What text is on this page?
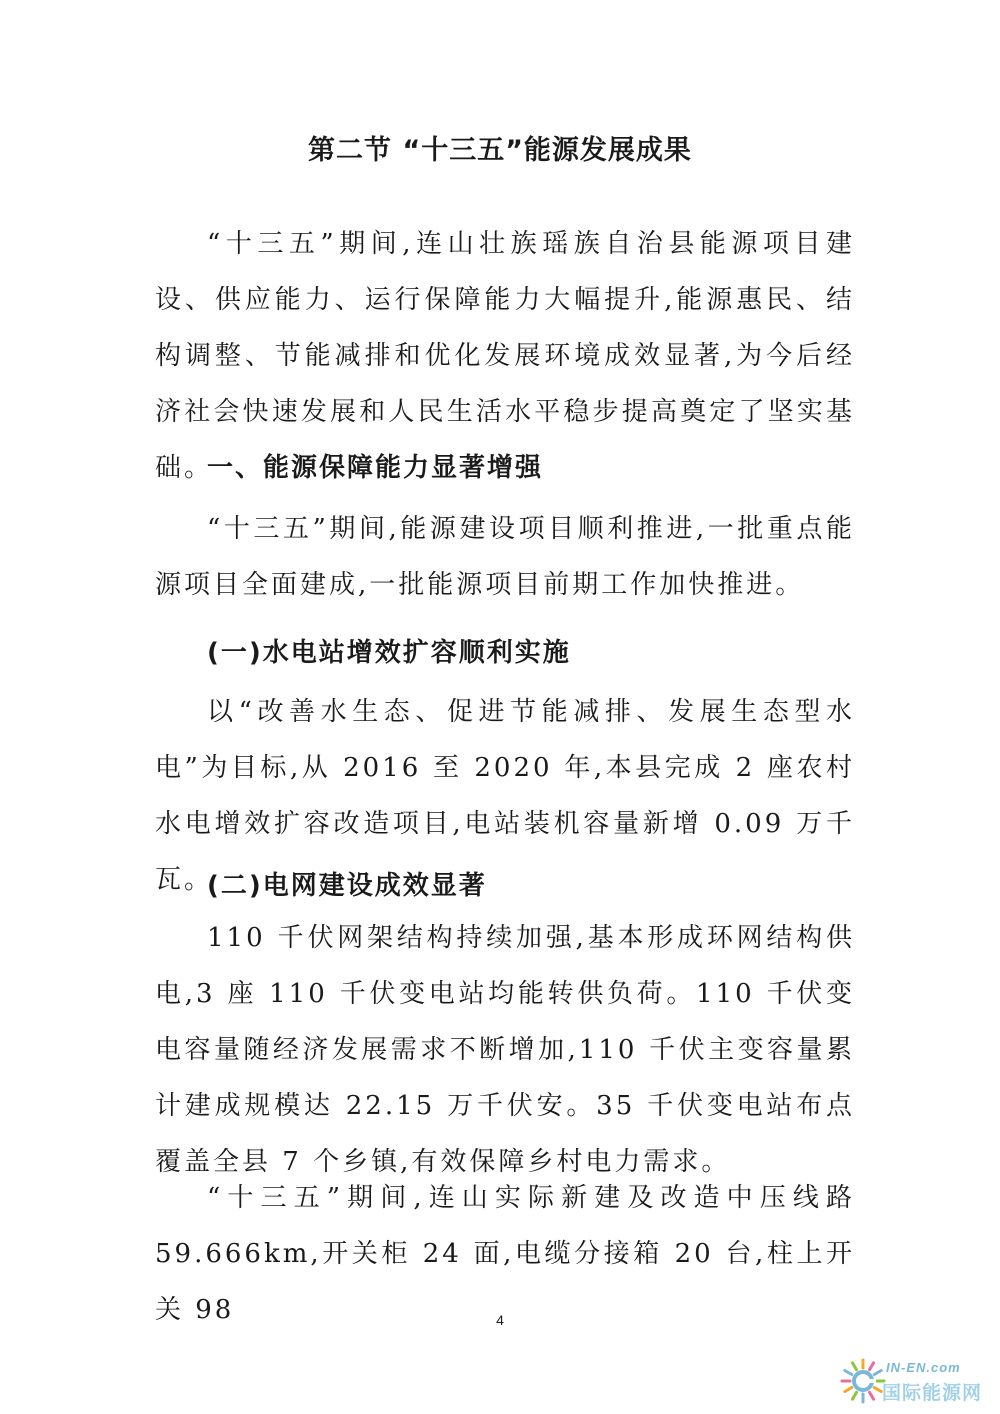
第二节 “十三五”能源发展成果

“十三五”期间,连山壮族瑶族自治县能源项目建设、供应能力、运行保障能力大幅提升,能源惠民、结构调整、节能减排和优化发展环境成效显著,为今后经济社会快速发展和人民生活水平稳步提高奠定了坚实基础。

一、能源保障能力显著增强

“十三五”期间,能源建设项目顺利推进,一批重点能源项目全面建成,一批能源项目前期工作加快推进。

(一)水电站增效扩容顺利实施

以“改善水生态、促进节能减排、发展生态型水电”为目标,从 2016 至 2020 年,本县完成 2 座农村水电增效扩容改造项目,电站装机容量新增 0.09 万千瓦。

(二)电网建设成效显著

110 千伏网架结构持续加强,基本形成环网结构供电,3 座 110 千伏变电站均能转供负荷。110 千伏变电容量随经济发展需求不断增加,110 千伏主变容量累计建成规模达 22.15 万千伏安。35 千伏变电站布点覆盖全县 7 个乡镇,有效保障乡村电力需求。

“十三五”期间,连山实际新建及改造中压线路 59.666km,开关柜 24 面,电缆分接箱 20 台,柱上开关 98	4
IN-EN.com
国际能源网
